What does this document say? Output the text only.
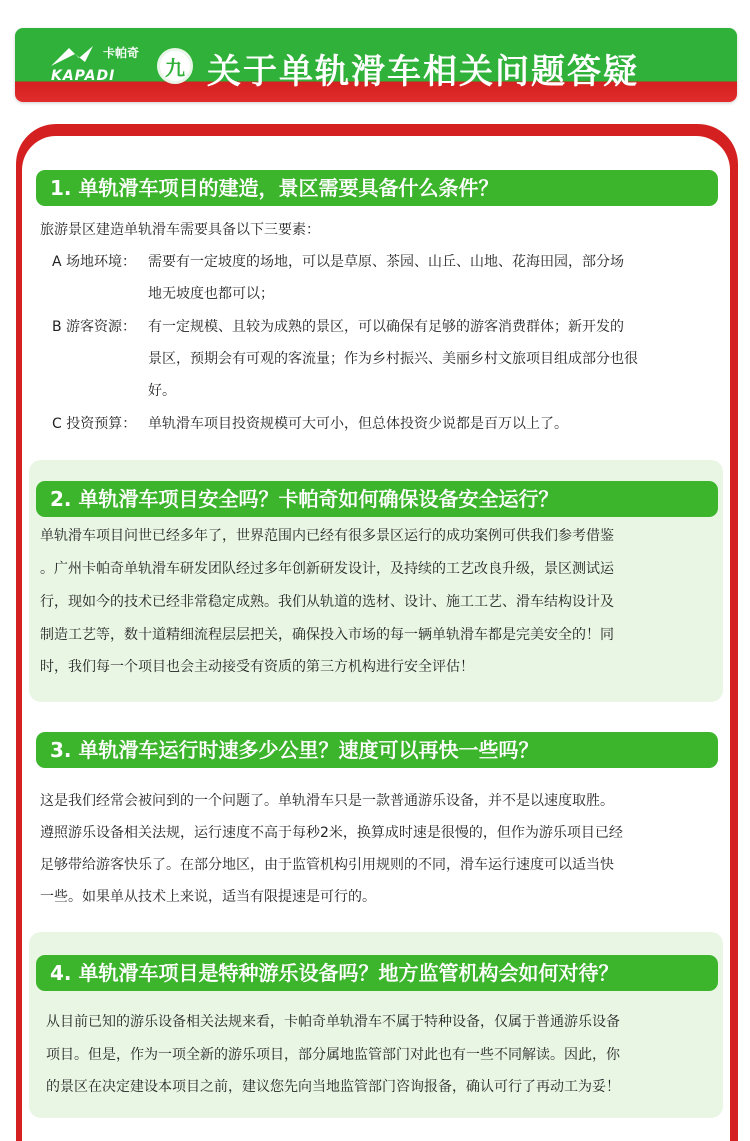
卡帕奇
KAPADI	九 关于单轨滑车相关问题答疑
1. 单轨滑车项目的建造，景区需要具备什么条件？
旅游景区建造单轨滑车需要具备以下三要素：
A 场地环境： 需要有一定坡度的场地，可以是草原、茶园、山丘、山地、花海田园，部分场
地无坡度也都可以；
B 游客资源： 有一定规模、且较为成熟的景区，可以确保有足够的游客消费群体；新开发的
景区，预期会有可观的客流量；作为乡村振兴、美丽乡村文旅项目组成部分也很
好。
C 投资预算： 单轨滑车项目投资规模可大可小，但总体投资少说都是百万以上了。
2. 单轨滑车项目安全吗？卡帕奇如何确保设备安全运行？
单轨滑车项目问世已经多年了，世界范围内已经有很多景区运行的成功案例可供我们参考借鉴
。广州卡帕奇单轨滑车研发团队经过多年创新研发设计，及持续的工艺改良升级，景区测试运
行，现如今的技术已经非常稳定成熟。我们从轨道的选材、设计、施工工艺、滑车结构设计及
制造工艺等，数十道精细流程层层把关，确保投入市场的每一辆单轨滑车都是完美安全的！同
时，我们每一个项目也会主动接受有资质的第三方机构进行安全评估！
3. 单轨滑车运行时速多少公里？速度可以再快一些吗？
这是我们经常会被问到的一个问题了。单轨滑车只是一款普通游乐设备，并不是以速度取胜。
遵照游乐设备相关法规，运行速度不高于每秒2米，换算成时速是很慢的，但作为游乐项目已经
足够带给游客快乐了。在部分地区，由于监管机构引用规则的不同，滑车运行速度可以适当快
一些。如果单从技术上来说，适当有限提速是可行的。
4. 单轨滑车项目是特种游乐设备吗？地方监管机构会如何对待？
从目前已知的游乐设备相关法规来看，卡帕奇单轨滑车不属于特种设备，仅属于普通游乐设备
项目。但是，作为一项全新的游乐项目，部分属地监管部门对此也有一些不同解读。因此，你
的景区在决定建设本项目之前，建议您先向当地监管部门咨询报备，确认可行了再动工为妥！
